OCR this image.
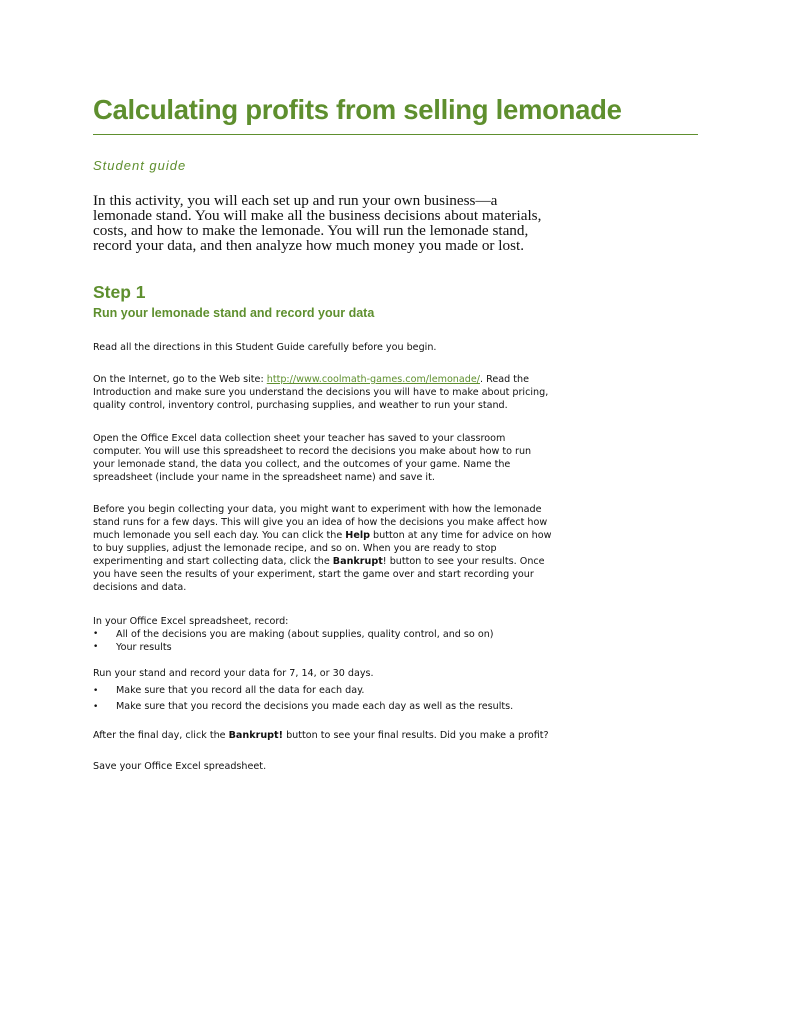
Calculating profits from selling lemonade

Student guide

In this activity, you will each set up and run your own business—a
lemonade stand. You will make all the business decisions about materials,
costs, and how to make the lemonade. You will run the lemonade stand,
record your data, and then analyze how much money you made or lost.

Step 1
Run your lemonade stand and record your data

Read all the directions in this Student Guide carefully before you begin.

On the Internet, go to the Web site: http://www.coolmath-games.com/lemonade/. Read the
Introduction and make sure you understand the decisions you will have to make about pricing,
quality control, inventory control, purchasing supplies, and weather to run your stand.

Open the Office Excel data collection sheet your teacher has saved to your classroom
computer. You will use this spreadsheet to record the decisions you make about how to run
your lemonade stand, the data you collect, and the outcomes of your game. Name the
spreadsheet (include your name in the spreadsheet name) and save it.

Before you begin collecting your data, you might want to experiment with how the lemonade
stand runs for a few days. This will give you an idea of how the decisions you make affect how
much lemonade you sell each day. You can click the Help button at any time for advice on how
to buy supplies, adjust the lemonade recipe, and so on. When you are ready to stop
experimenting and start collecting data, click the Bankrupt! button to see your results. Once
you have seen the results of your experiment, start the game over and start recording your
decisions and data.

In your Office Excel spreadsheet, record:

• All of the decisions you are making (about supplies, quality control, and so on)
• Your results

Run your stand and record your data for 7, 14, or 30 days.

• Make sure that you record all the data for each day.
• Make sure that you record the decisions you made each day as well as the results.

After the final day, click the Bankrupt! button to see your final results. Did you make a profit?

Save your Office Excel spreadsheet.
